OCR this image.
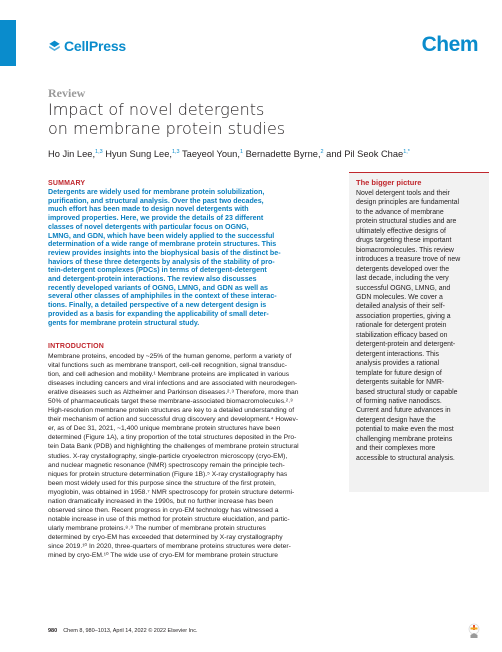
CellPress	Chem
Review
Impact of novel detergents
on membrane protein studies
Ho Jin Lee,$^{1,3}$ Hyun Sung Lee,$^{1,3}$ Taeyeol Youn,$^1$ Bernadette Byrne,$^2$ and Pil Seok Chae$^{1,*}$
SUMMARY
Detergents are widely used for membrane protein solubilization,
purification, and structural analysis. Over the past two decades,
much effort has been made to design novel detergents with
improved properties. Here, we provide the details of 23 different
classes of novel detergents with particular focus on OGNG,
LMNG, and GDN, which have been widely applied to the successful
determination of a wide range of membrane protein structures. This
review provides insights into the biophysical basis of the distinct be-
haviors of these three detergents by analysis of the stability of pro-
tein-detergent complexes (PDCs) in terms of detergent-detergent
and detergent-protein interactions. The review also discusses
recently developed variants of OGNG, LMNG, and GDN as well as
several other classes of amphiphiles in the context of these interac-
tions. Finally, a detailed perspective of a new detergent design is
provided as a basis for expanding the applicability of small deter-
gents for membrane protein structural study.
INTRODUCTION
Membrane proteins, encoded by ~25% of the human genome, perform a variety of
vital functions such as membrane transport, cell-cell recognition, signal transduc-
tion, and cell adhesion and mobility.¹ Membrane proteins are implicated in various
diseases including cancers and viral infections and are associated with neurodegen-
erative diseases such as Alzheimer and Parkinson diseases.²˒³ Therefore, more than
50% of pharmaceuticals target these membrane-associated biomacromolecules.²˒³
High-resolution membrane protein structures are key to a detailed understanding of
their mechanism of action and successful drug discovery and development.⁴ Howev-
er, as of Dec 31, 2021, ~1,400 unique membrane protein structures have been
determined (Figure 1A), a tiny proportion of the total structures deposited in the Pro-
tein Data Bank (PDB) and highlighting the challenges of membrane protein structural
studies. X-ray crystallography, single-particle cryoelectron microscopy (cryo-EM),
and nuclear magnetic resonance (NMR) spectroscopy remain the principle tech-
niques for protein structure determination (Figure 1B).⁵ X-ray crystallography has
been most widely used for this purpose since the structure of the first protein,
myoglobin, was obtained in 1958.⁷ NMR spectroscopy for protein structure determi-
nation dramatically increased in the 1990s, but no further increase has been
observed since then. Recent progress in cryo-EM technology has witnessed a
notable increase in use of this method for protein structure elucidation, and partic-
ularly membrane proteins.⁸˒⁹ The number of membrane protein structures
determined by cryo-EM has exceeded that determined by X-ray crystallography
since 2019.¹⁰ In 2020, three-quarters of membrane proteins structures were deter-
mined by cryo-EM.¹⁰ The wide use of cryo-EM for membrane protein structure
The bigger picture
Novel detergent tools and their
design principles are fundamental
to the advance of membrane
protein structural studies and are
ultimately effective designs of
drugs targeting these important
biomacromolecules. This review
introduces a treasure trove of new
detergents developed over the
last decade, including the very
successful OGNG, LMNG, and
GDN molecules. We cover a
detailed analysis of their self-
association properties, giving a
rationale for detergent protein
stabilization efficacy based on
detergent-protein and detergent-
detergent interactions. This
analysis provides a rational
template for future design of
detergents suitable for NMR-
based structural study or capable
of forming native nanodiscs.
Current and future advances in
detergent design have the
potential to make even the most
challenging membrane proteins
and their complexes more
accessible to structural analysis.
980 Chem 8, 980–1013, April 14, 2022 © 2022 Elsevier Inc.
